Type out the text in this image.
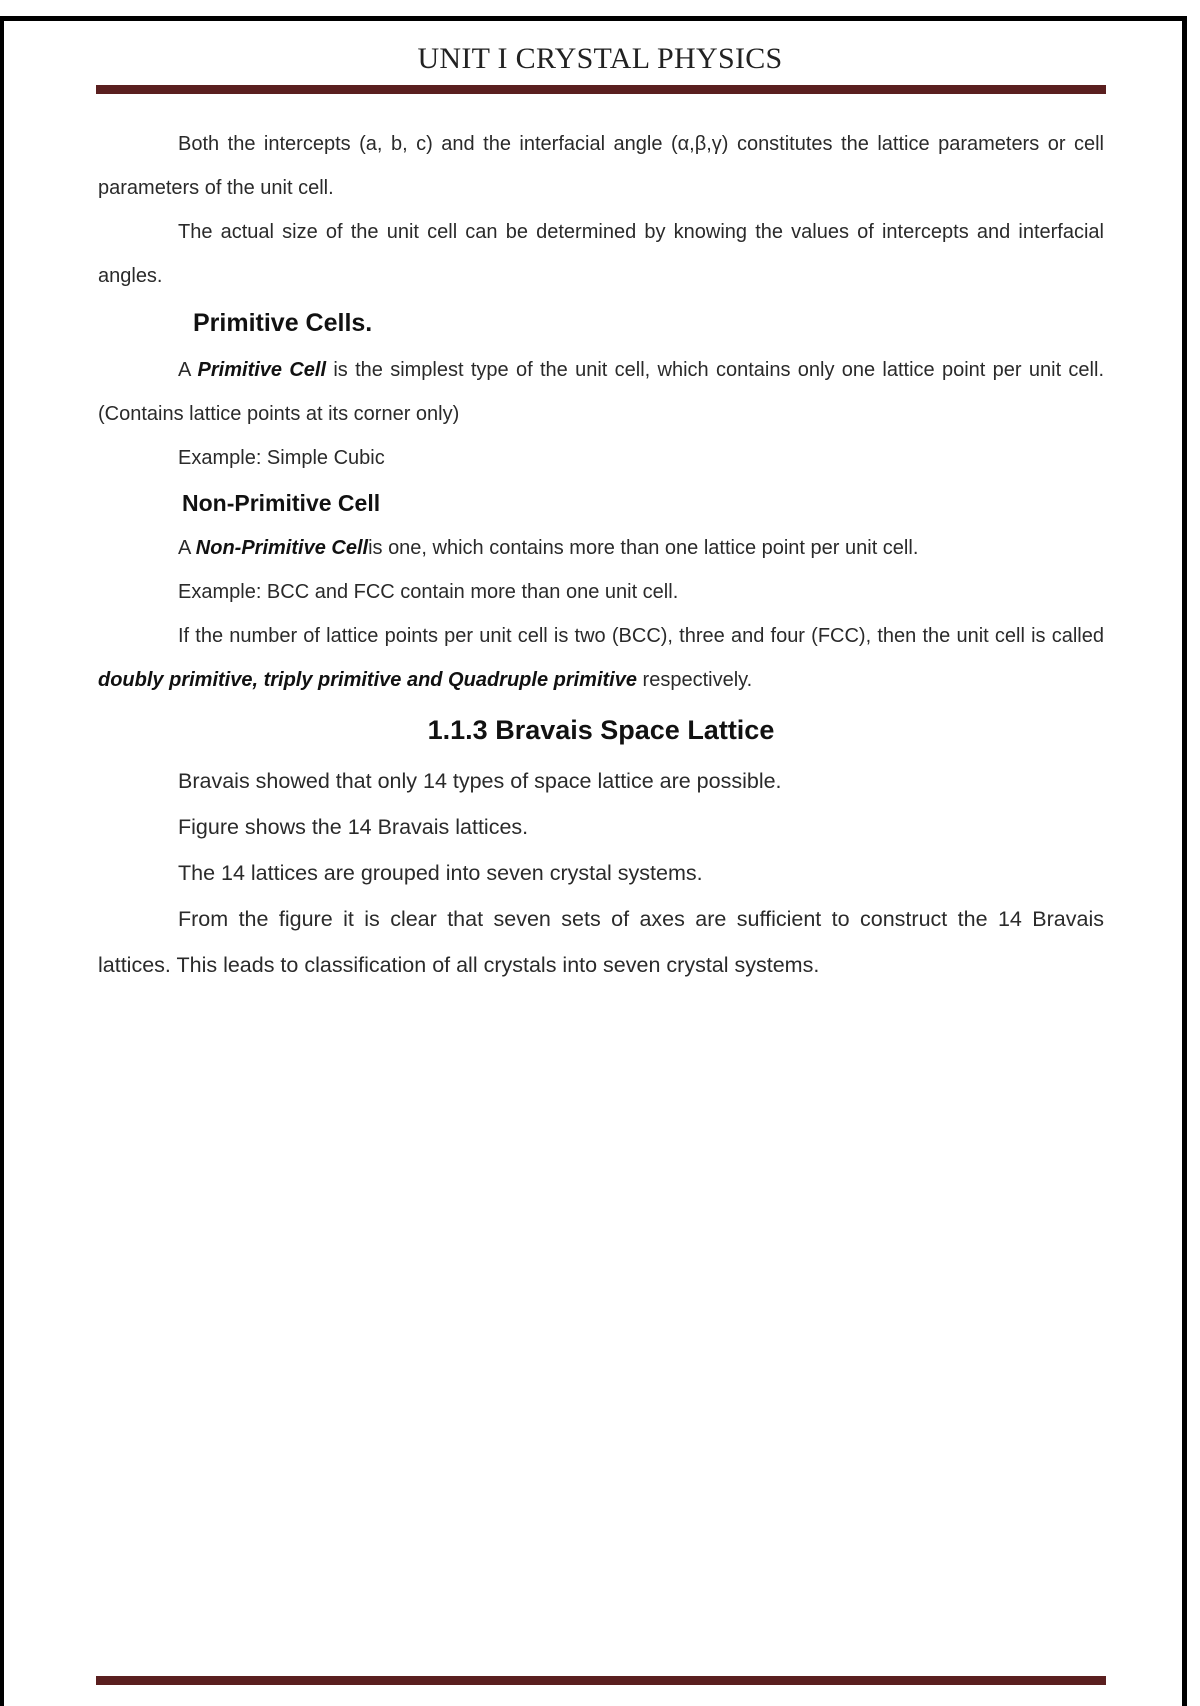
UNIT I CRYSTAL PHYSICS

Both the intercepts (a, b, c) and the interfacial angle (α,β,γ) constitutes the lattice parameters or cell parameters of the unit cell.

The actual size of the unit cell can be determined by knowing the values of intercepts and interfacial angles.

Primitive Cells.

A Primitive Cell is the simplest type of the unit cell, which contains only one lattice point per unit cell. (Contains lattice points at its corner only)

Example: Simple Cubic

Non-Primitive Cell

A Non-Primitive Cellis one, which contains more than one lattice point per unit cell.

Example: BCC and FCC contain more than one unit cell.

If the number of lattice points per unit cell is two (BCC), three and four (FCC), then the unit cell is called doubly primitive, triply primitive and Quadruple primitive respectively.

1.1.3 Bravais Space Lattice

Bravais showed that only 14 types of space lattice are possible.

Figure shows the 14 Bravais lattices.

The 14 lattices are grouped into seven crystal systems.

From the figure it is clear that seven sets of axes are sufficient to construct the 14 Bravais lattices. This leads to classification of all crystals into seven crystal systems.
